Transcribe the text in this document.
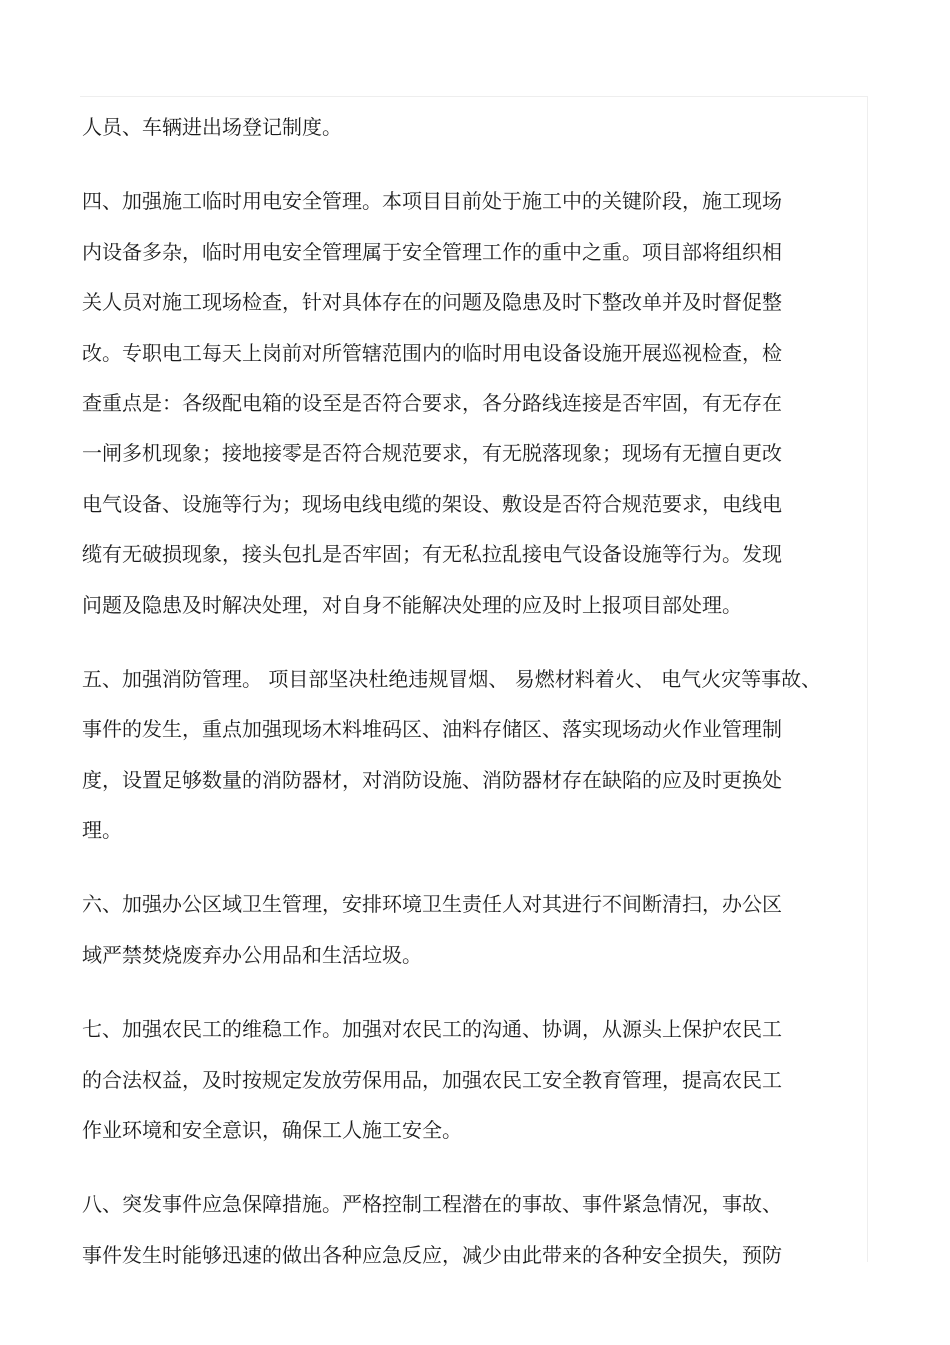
人员、车辆进出场登记制度。

四、加强施工临时用电安全管理。本项目目前处于施工中的关键阶段，施工现场
内设备多杂，临时用电安全管理属于安全管理工作的重中之重。项目部将组织相
关人员对施工现场检查，针对具体存在的问题及隐患及时下整改单并及时督促整
改。专职电工每天上岗前对所管辖范围内的临时用电设备设施开展巡视检查，检
查重点是：各级配电箱的设至是否符合要求，各分路线连接是否牢固，有无存在
一闸多机现象；接地接零是否符合规范要求，有无脱落现象；现场有无擅自更改
电气设备、设施等行为；现场电线电缆的架设、敷设是否符合规范要求，电线电
缆有无破损现象，接头包扎是否牢固；有无私拉乱接电气设备设施等行为。发现
问题及隐患及时解决处理，对自身不能解决处理的应及时上报项目部处理。

五、加强消防管理。 项目部坚决杜绝违规冒烟、 易燃材料着火、 电气火灾等事故、
事件的发生，重点加强现场木料堆码区、油料存储区、落实现场动火作业管理制
度，设置足够数量的消防器材，对消防设施、消防器材存在缺陷的应及时更换处
理。

六、加强办公区域卫生管理，安排环境卫生责任人对其进行不间断清扫，办公区
域严禁焚烧废弃办公用品和生活垃圾。

七、加强农民工的维稳工作。加强对农民工的沟通、协调，从源头上保护农民工
的合法权益，及时按规定发放劳保用品，加强农民工安全教育管理，提高农民工
作业环境和安全意识，确保工人施工安全。

八、突发事件应急保障措施。严格控制工程潜在的事故、事件紧急情况，事故、
事件发生时能够迅速的做出各种应急反应，减少由此带来的各种安全损失，预防
